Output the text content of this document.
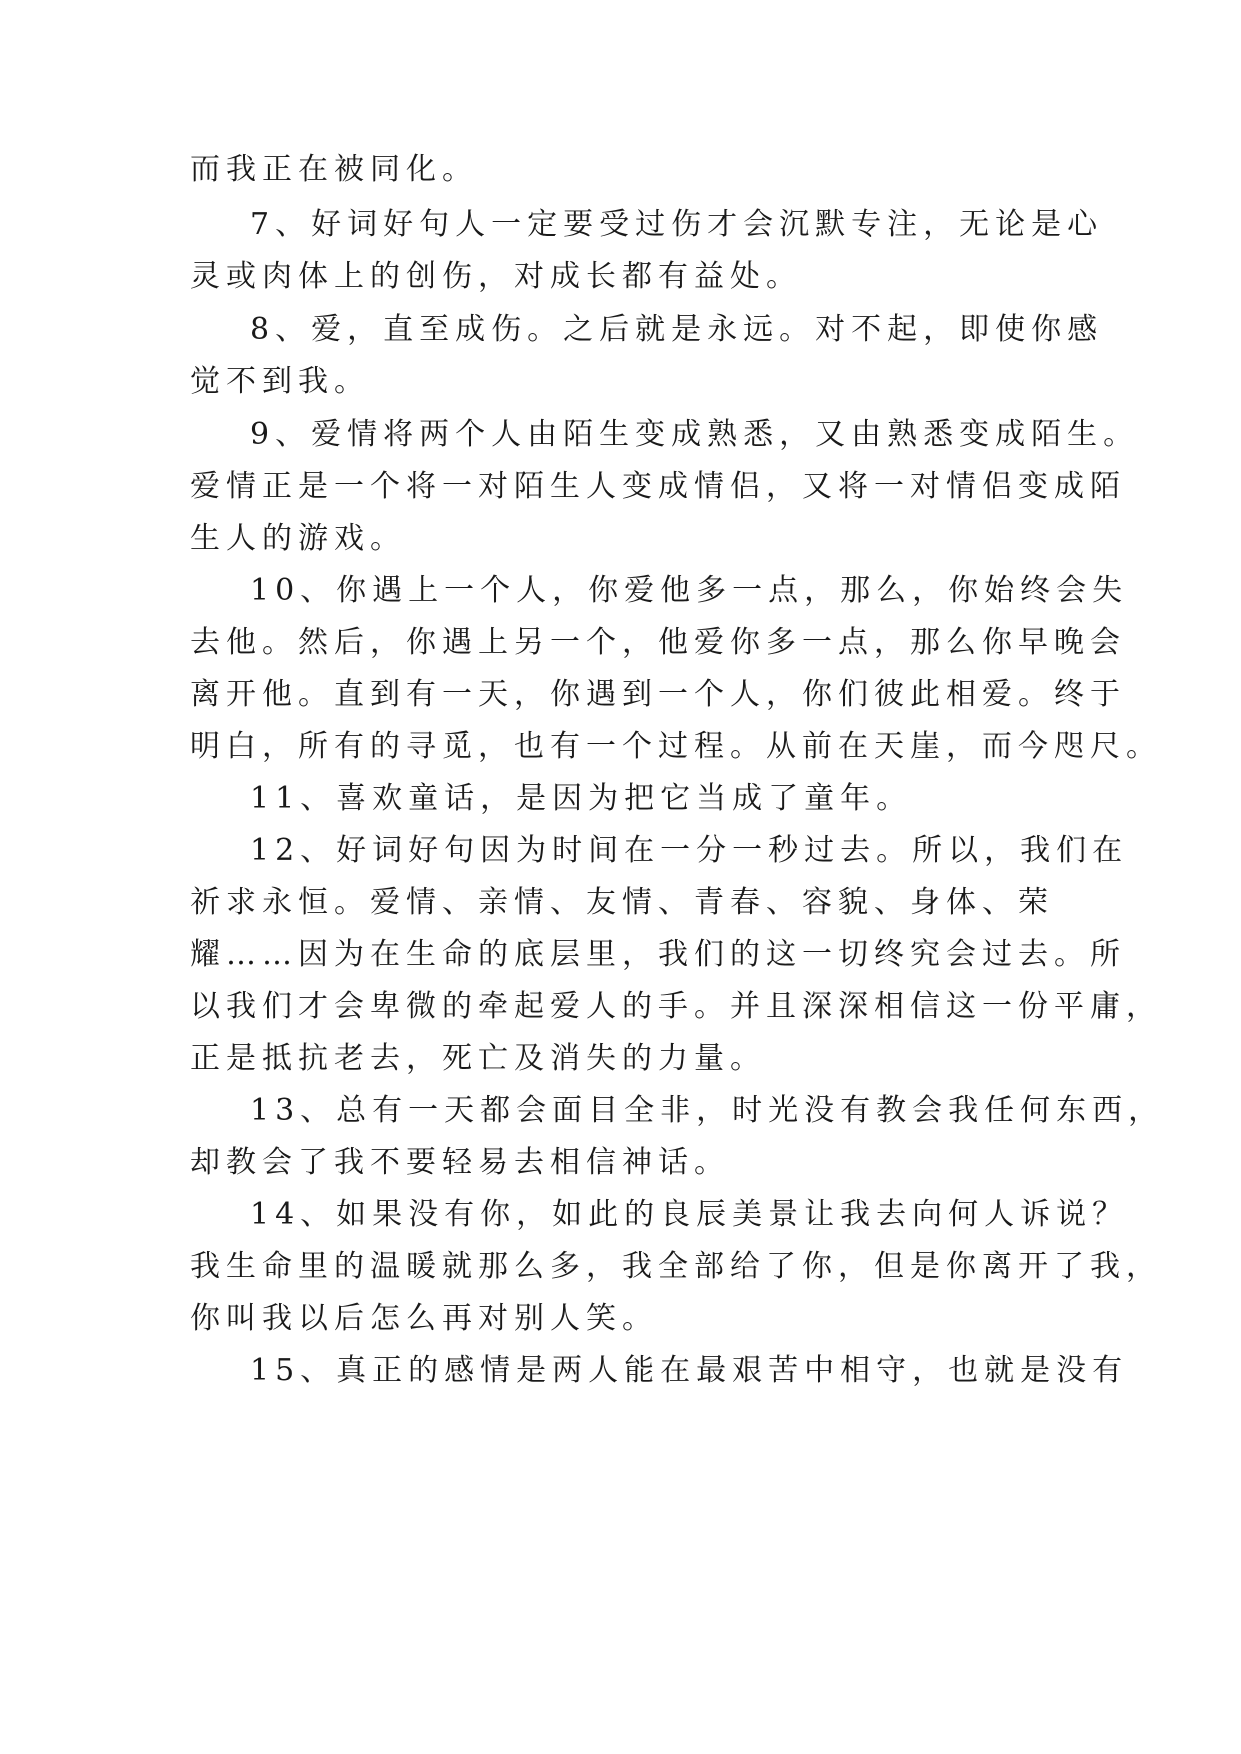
而我正在被同化。
7、好词好句人一定要受过伤才会沉默专注，无论是心
灵或肉体上的创伤，对成长都有益处。
8、爱，直至成伤。之后就是永远。对不起，即使你感
觉不到我。
9、爱情将两个人由陌生变成熟悉，又由熟悉变成陌生。
爱情正是一个将一对陌生人变成情侣，又将一对情侣变成陌
生人的游戏。
10、你遇上一个人，你爱他多一点，那么，你始终会失
去他。然后，你遇上另一个，他爱你多一点，那么你早晚会
离开他。直到有一天，你遇到一个人，你们彼此相爱。终于
明白，所有的寻觅，也有一个过程。从前在天崖，而今咫尺。
11、喜欢童话，是因为把它当成了童年。
12、好词好句因为时间在一分一秒过去。所以，我们在
祈求永恒。爱情、亲情、友情、青春、容貌、身体、荣
耀……因为在生命的底层里，我们的这一切终究会过去。所
以我们才会卑微的牵起爱人的手。并且深深相信这一份平庸，
正是抵抗老去，死亡及消失的力量。
13、总有一天都会面目全非，时光没有教会我任何东西，
却教会了我不要轻易去相信神话。
14、如果没有你，如此的良辰美景让我去向何人诉说？
我生命里的温暖就那么多，我全部给了你，但是你离开了我，
你叫我以后怎么再对别人笑。
15、真正的感情是两人能在最艰苦中相守，也就是没有
